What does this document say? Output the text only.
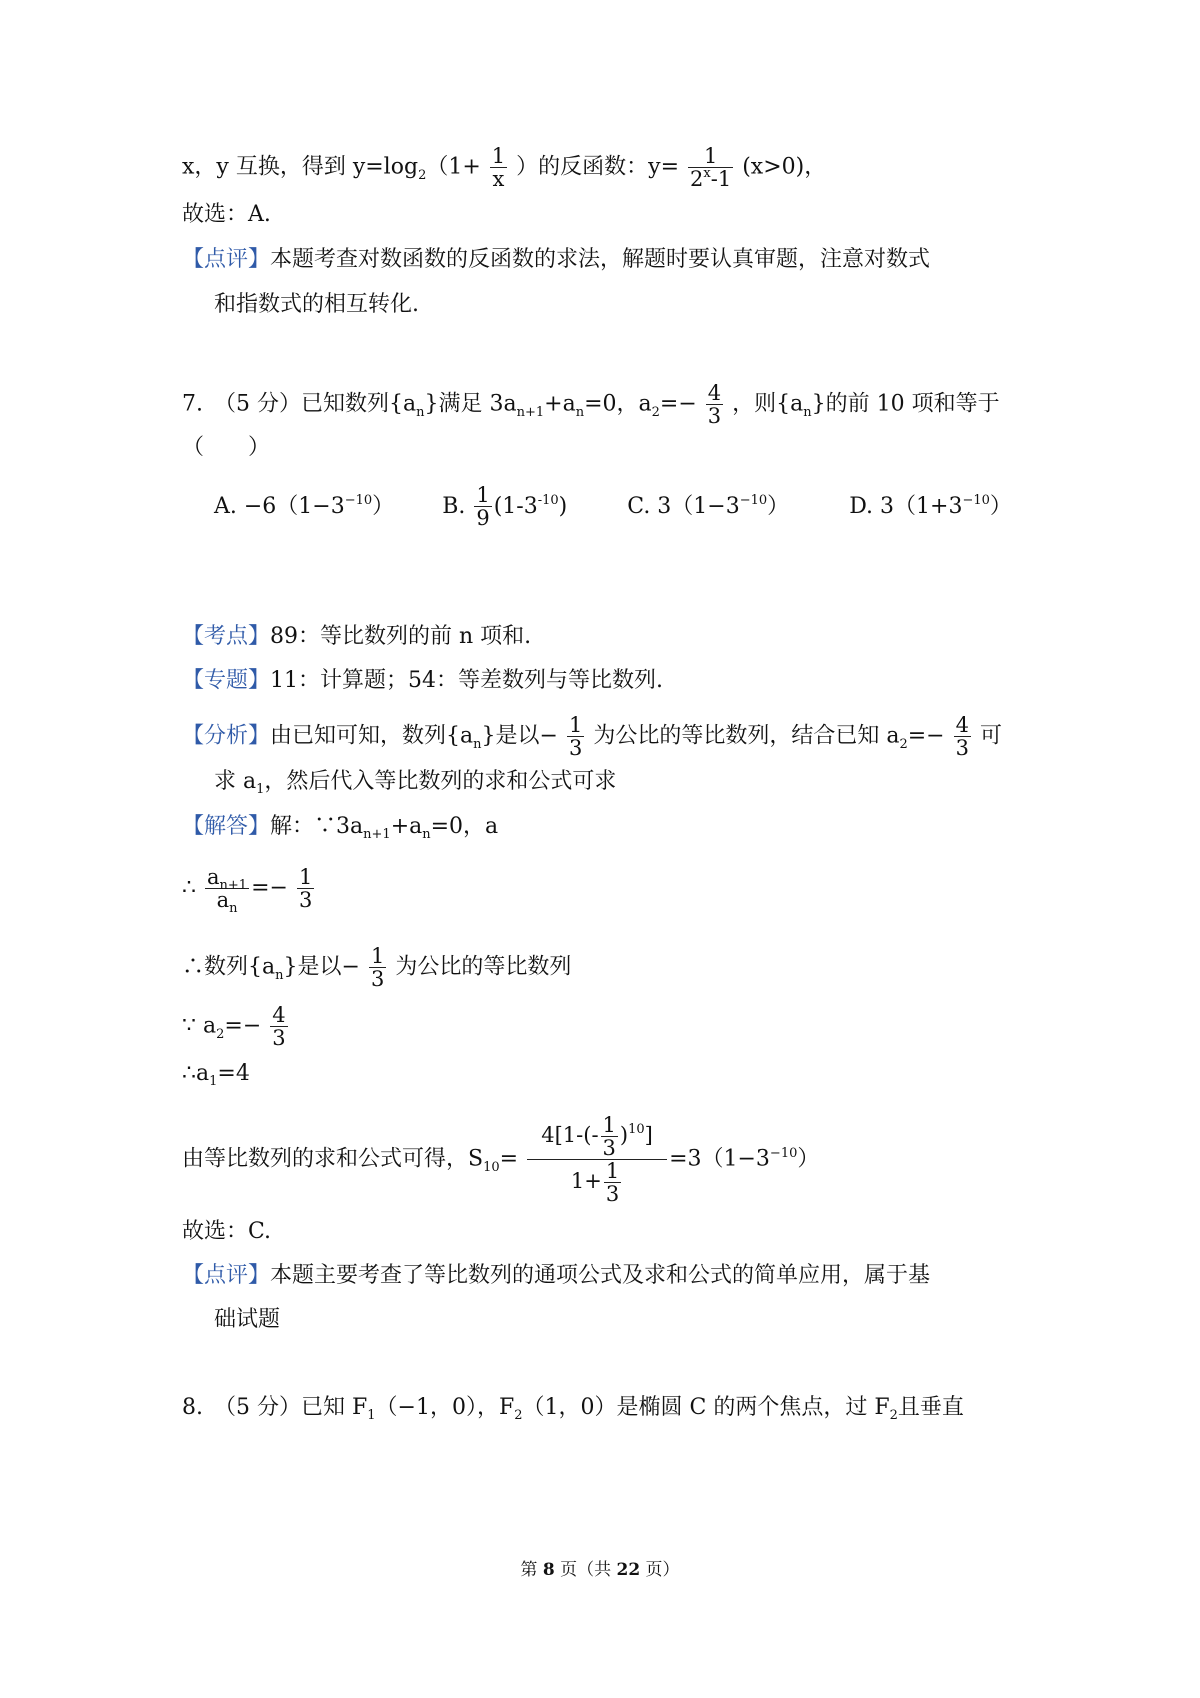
x，y 互换，得到 $y=\log_2(1+ \frac{1}{x}$ ）的反函数：$y= \frac{1}{2^x-1} (x>0)$，
故选：A.
【点评】本题考查对数函数的反函数的求法，解题时要认真审题，注意对数式
和指数式的相互转化.
7.　（5 分）已知数列$\{a_n\}$满足 $3a_{n+1}+a_n=0$，$a_2=- \frac{4}{3}$ ，则$\{a_n\}$的前 10 项和等于
（　　）
A. $-6(1-3^{-10})$ B. $\frac{1}{9} (1-3^{-10})$	C. $3(1-3^{-10})$	D. $3(1+3^{-10})$
【考点】89：等比数列的前 n 项和.
【专题】11：计算题；54：等差数列与等比数列.
【分析】由已知可知，数列$\{a_n\}$是以− $\frac{1}{3}$ 为公比的等比数列，结合已知 $a_2=- \frac{4}{3}$ 可
求 $a_1$，然后代入等比数列的求和公式可求
【解答】解：$\because 3a_{n+1}+a_n=0$，a
∴ $\frac{a_{n+1}}{a_n} =- \frac{1}{3}$
∴数列$\{a_n\}$是以− $\frac{1}{3}$ 为公比的等比数列
∵ $a_2=- \frac{4}{3}$
$\therefore a_1=4$
由等比数列的求和公式可得，$S_{10}= \frac{4[1-(- \frac{1}{3} )^{10}]}{1+ \frac{1}{3}} =3(1-3^{-10})$
故选：C.
【点评】本题主要考查了等比数列的通项公式及求和公式的简单应用，属于基
础试题
8.　（5 分）已知 $F_1(-1$，0），$F_2(1$，0）是椭圆 C 的两个焦点，过 $F_2$且垂直
第 8 页（共 22 页）
